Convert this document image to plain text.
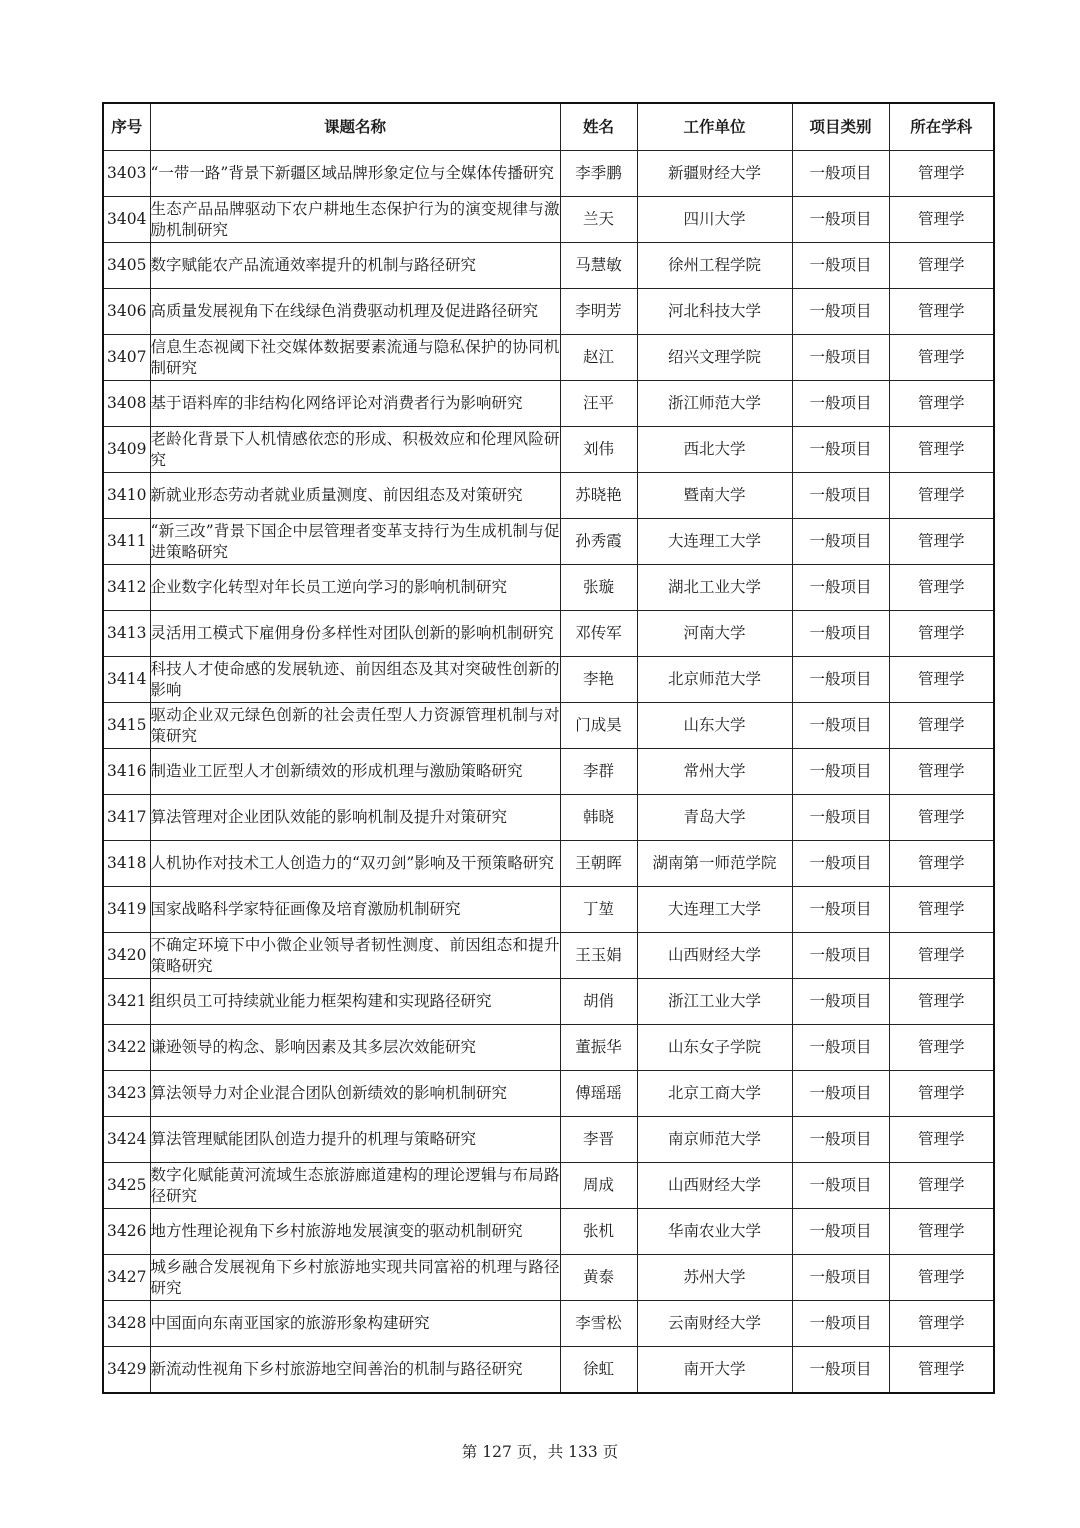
序号	课题名称	姓名	工作单位	项目类别	所在学科
3403	“一带一路”背景下新疆区域品牌形象定位与全媒体传播研究	李季鹏	新疆财经大学	一般项目	管理学
3404	生态产品品牌驱动下农户耕地生态保护行为的演变规律与激励机制研究	兰天	四川大学	一般项目	管理学
3405	数字赋能农产品流通效率提升的机制与路径研究	马慧敏	徐州工程学院	一般项目	管理学
3406	高质量发展视角下在线绿色消费驱动机理及促进路径研究	李明芳	河北科技大学	一般项目	管理学
3407	信息生态视阈下社交媒体数据要素流通与隐私保护的协同机制研究	赵江	绍兴文理学院	一般项目	管理学
3408	基于语料库的非结构化网络评论对消费者行为影响研究	汪平	浙江师范大学	一般项目	管理学
3409	老龄化背景下人机情感依恋的形成、积极效应和伦理风险研究	刘伟	西北大学	一般项目	管理学
3410	新就业形态劳动者就业质量测度、前因组态及对策研究	苏晓艳	暨南大学	一般项目	管理学
3411	“新三改”背景下国企中层管理者变革支持行为生成机制与促进策略研究	孙秀霞	大连理工大学	一般项目	管理学
3412	企业数字化转型对年长员工逆向学习的影响机制研究	张璇	湖北工业大学	一般项目	管理学
3413	灵活用工模式下雇佣身份多样性对团队创新的影响机制研究	邓传军	河南大学	一般项目	管理学
3414	科技人才使命感的发展轨迹、前因组态及其对突破性创新的影响	李艳	北京师范大学	一般项目	管理学
3415	驱动企业双元绿色创新的社会责任型人力资源管理机制与对策研究	门成昊	山东大学	一般项目	管理学
3416	制造业工匠型人才创新绩效的形成机理与激励策略研究	李群	常州大学	一般项目	管理学
3417	算法管理对企业团队效能的影响机制及提升对策研究	韩晓	青岛大学	一般项目	管理学
3418	人机协作对技术工人创造力的“双刃剑”影响及干预策略研究	王朝晖	湖南第一师范学院	一般项目	管理学
3419	国家战略科学家特征画像及培育激励机制研究	丁堃	大连理工大学	一般项目	管理学
3420	不确定环境下中小微企业领导者韧性测度、前因组态和提升策略研究	王玉娟	山西财经大学	一般项目	管理学
3421	组织员工可持续就业能力框架构建和实现路径研究	胡俏	浙江工业大学	一般项目	管理学
3422	谦逊领导的构念、影响因素及其多层次效能研究	董振华	山东女子学院	一般项目	管理学
3423	算法领导力对企业混合团队创新绩效的影响机制研究	傅瑶瑶	北京工商大学	一般项目	管理学
3424	算法管理赋能团队创造力提升的机理与策略研究	李晋	南京师范大学	一般项目	管理学
3425	数字化赋能黄河流域生态旅游廊道建构的理论逻辑与布局路径研究	周成	山西财经大学	一般项目	管理学
3426	地方性理论视角下乡村旅游地发展演变的驱动机制研究	张机	华南农业大学	一般项目	管理学
3427	城乡融合发展视角下乡村旅游地实现共同富裕的机理与路径研究	黄泰	苏州大学	一般项目	管理学
3428	中国面向东南亚国家的旅游形象构建研究	李雪松	云南财经大学	一般项目	管理学
3429	新流动性视角下乡村旅游地空间善治的机制与路径研究	徐虹	南开大学	一般项目	管理学
第 127 页，共 133 页
